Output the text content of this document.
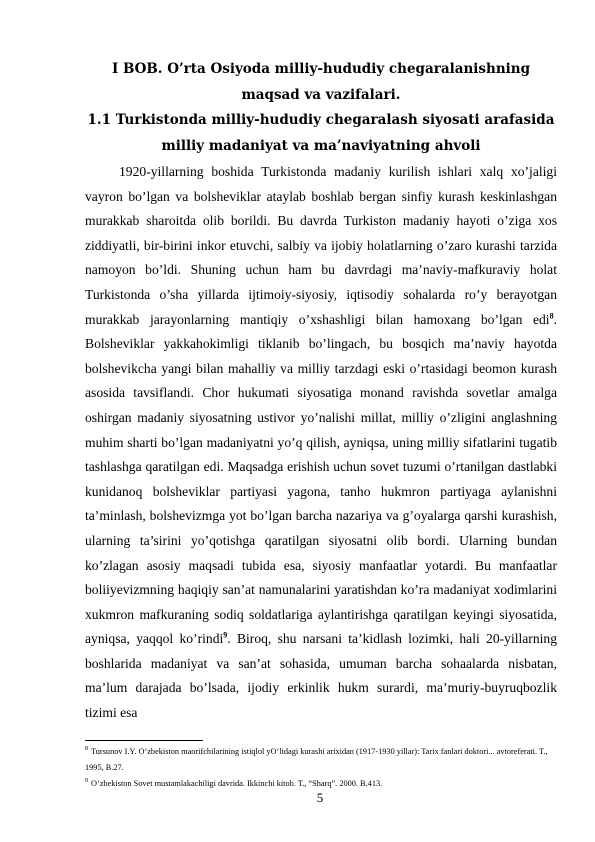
I BOB. O’rta Osiyoda milliy-hududiy chegaralanishning maqsad va vazifalari.
1.1 Turkistonda milliy-hududiy chegaralash siyosati arafasida milliy madaniyat va ma’naviyatning ahvoli

1920-yillarning boshida Turkistonda madaniy kurilish ishlari xalq xo’jaligi vayron bo’lgan va bolsheviklar ataylab boshlab bergan sinfiy kurash keskinlashgan murakkab sharoitda olib borildi. Bu davrda Turkiston madaniy hayoti o’ziga xos ziddiyatli, bir-birini inkor etuvchi, salbiy va ijobiy holatlarning o’zaro kurashi tarzida namoyon bo’ldi. Shuning uchun ham bu davrdagi ma’naviy-mafkuraviy holat Turkistonda o’sha yillarda ijtimoiy-siyosiy, iqtisodiy sohalarda ro’y berayotgan murakkab jarayonlarning mantiqiy o’xshashligi bilan hamoxang bo’lgan edi$^8$. Bolsheviklar yakkahokimligi tiklanib bo’lingach, bu bosqich ma’naviy hayotda bolshevikcha yangi bilan mahalliy va milliy tarzdagi eski o’rtasidagi beomon kurash asosida tavsiflandi. Chor hukumati siyosatiga monand ravishda sovetlar amalga oshirgan madaniy siyosatning ustivor yo’nalishi millat, milliy o’zligini anglashning muhim sharti bo’lgan madaniyatni yo’q qilish, ayniqsa, uning milliy sifatlarini tugatib tashlashga qaratilgan edi. Maqsadga erishish uchun sovet tuzumi o’rtanilgan dastlabki kunidanoq bolsheviklar partiyasi yagona, tanho hukmron partiyaga aylanishni ta’minlash, bolshevizmga yot bo’lgan barcha nazariya va g’oyalarga qarshi kurashish, ularning ta’sirini yo’qotishga qaratilgan siyosatni olib bordi. Ularning bundan ko’zlagan asosiy maqsadi tubida esa, siyosiy manfaatlar yotardi. Bu manfaatlar boliiyevizmning haqiqiy san’at namunalarini yaratishdan ko’ra madaniyat xodimlarini xukmron mafkuraning sodiq soldatlariga aylantirishga qaratilgan keyingi siyosatida, ayniqsa, yaqqol ko’rindi$^9$. Biroq, shu narsani ta’kidlash lozimki, hali 20-yillarning boshlarida madaniyat va san’at sohasida, umuman barcha sohaalarda nisbatan, ma’lum darajada bo’lsada, ijodiy erkinlik hukm surardi, ma’muriy-buyruqbozlik tizimi esa

$^8$ Tursunov I.Y. O‘zbekiston maorifchilarining istiqlol yO‘lidagi kurashi arixidan (1917-1930 yillar): Tarix fanlari doktori... avtoreferati. T., 1995, B.27.

$^9$ O‘zbekiston Sovet mustamlakachiligi davrida. Ikkinchi kitob. T., “Sharq”. 2000. B.413.

5
